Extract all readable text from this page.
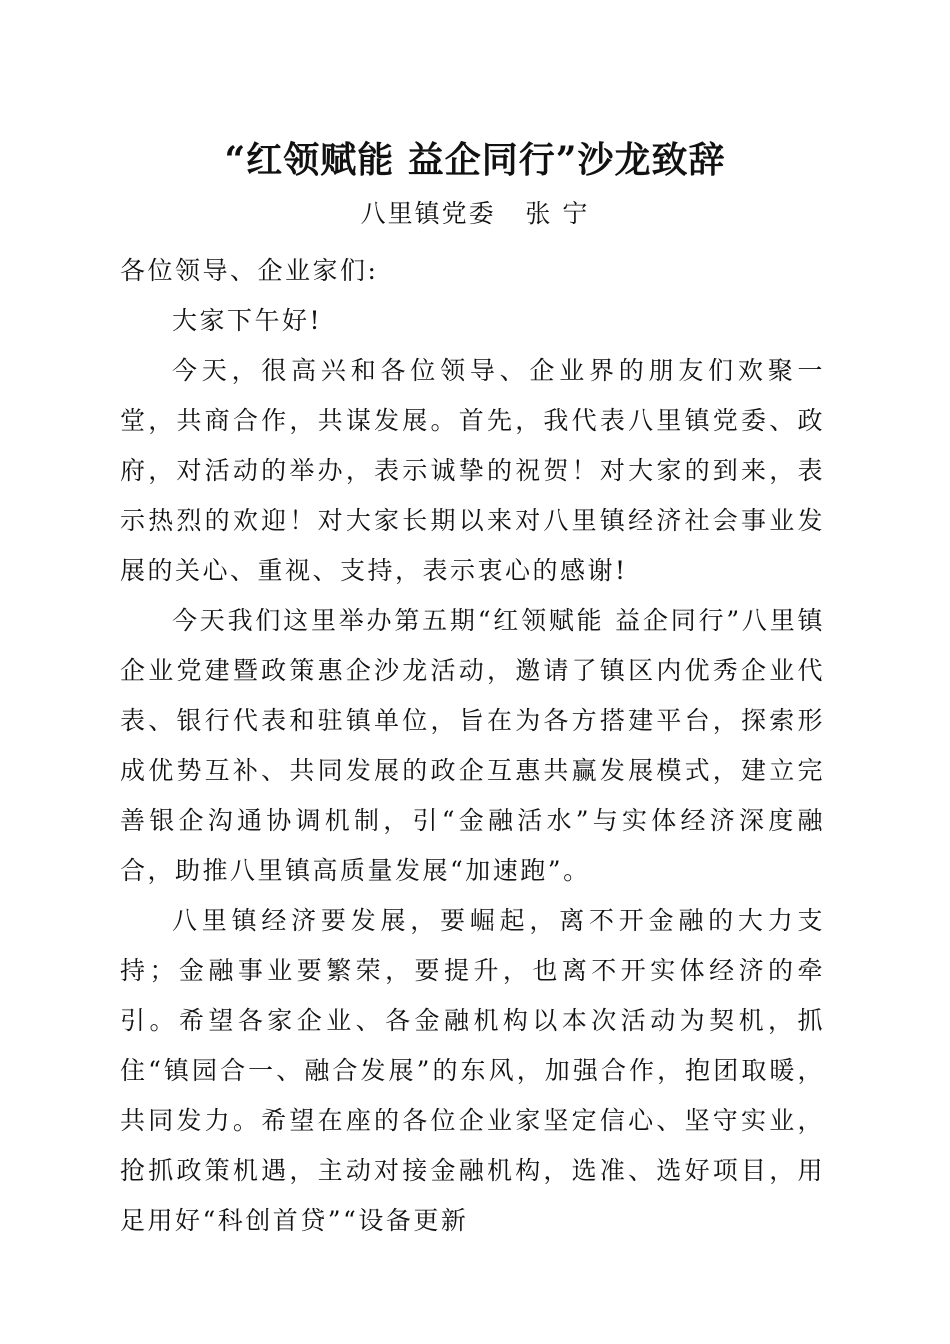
“红领赋能 益企同行”沙龙致辞
八里镇党委   张 宁

各位领导、企业家们:

大家下午好!

今天，很高兴和各位领导、企业界的朋友们欢聚一堂，共商合作，共谋发展。首先，我代表八里镇党委、政府，对活动的举办，表示诚挚的祝贺！对大家的到来，表示热烈的欢迎！对大家长期以来对八里镇经济社会事业发展的关心、重视、支持，表示衷心的感谢!

今天我们这里举办第五期“红领赋能 益企同行”八里镇企业党建暨政策惠企沙龙活动，邀请了镇区内优秀企业代表、银行代表和驻镇单位，旨在为各方搭建平台，探索形成优势互补、共同发展的政企互惠共赢发展模式，建立完善银企沟通协调机制，引“金融活水”与实体经济深度融合，助推八里镇高质量发展“加速跑”。

八里镇经济要发展，要崛起，离不开金融的大力支持；金融事业要繁荣，要提升，也离不开实体经济的牵引。希望各家企业、各金融机构以本次活动为契机，抓住“镇园合一、融合发展”的东风，加强合作，抱团取暖，共同发力。希望在座的各位企业家坚定信心、坚守实业，抢抓政策机遇，主动对接金融机构，选准、选好项目，用足用好“科创首贷”“设备更新
